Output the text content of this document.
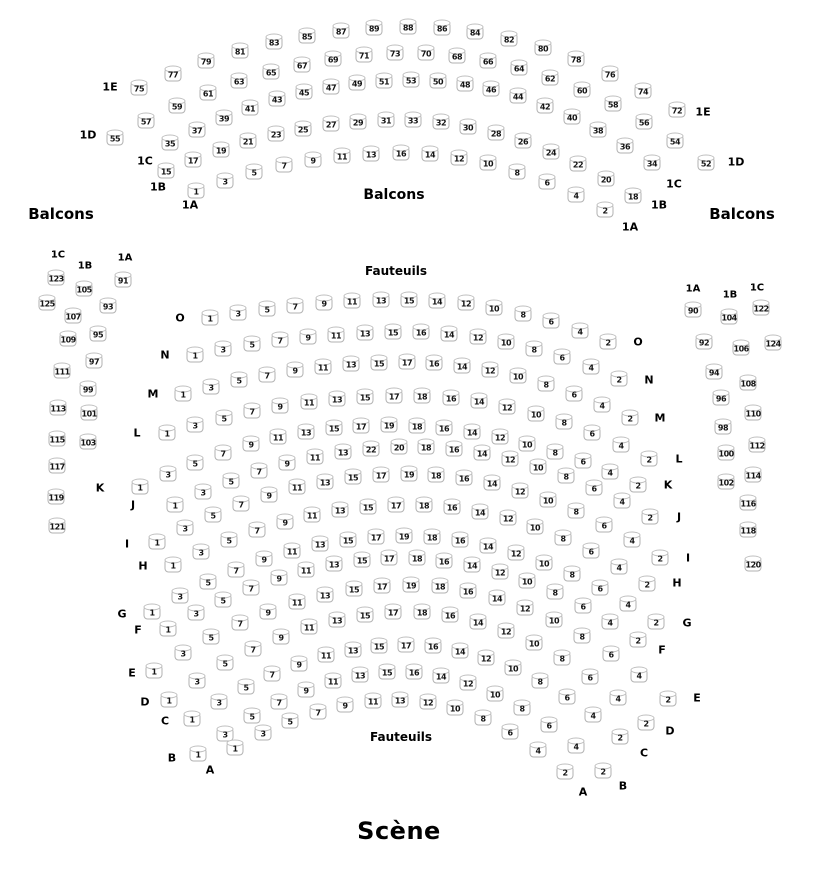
Balcons
Balcons
Balcons
Fauteuils
Fauteuils
Scène
75
77
79
81
83
85
87	89	88	86	84
82
80
78
76
74
72
1E
1E
55
57
59
61
63
65
67
69	71	73	70	68
66
64
62
60
58
56
54
52
1D
1D
35
37
39
41
43
45
47	49	51	53	50	48
46
44
42
40
38
36
34
1C
1C
15
17
19
21
23
25
27	29	31	33	32
30
28
26
24
22
20
18
1B
1B
1
3
5
7
9	11	13	16	14	12
10
8
6
4
2
1A
1A
1
3	5	7	9	11	13	15	14	12
10
8
6
4
2
O
O
1
3
5	7	9	11	13	15	16	14	12
10
8
6
4
2
N
N
1
3
5
7
9	11	13	15	17	16	14	12
10
8
6
4
2
M
M
1
3
5
7
9	11	13	15	17	18	16	14
12
10
8
6
4
2
L
L
1
3
5
7
9
11
13	15	17	19	18	16	14
12
10
8
6
4
2
K	K
1
3
5
7
9
11
13	22	20	18	16	14
12
10
8
6
4
2
J
J
1
3
5
7
9
11
13
15	17	19	18	16
14
12
10
8
6
4
2
I
I
1
3
5
7
9
11
13	15	17	18	16
14
12
10
8
6
4
2
H
H
1
3
5
7
9
11
13	15	17	19	18	16
14
12
10
8
6
4
2
G
G
1
3
5
7
9
11
13	15	17	18	16	14
12
10
8
6
4
2
F
F
1
3
5
7
9
11
13
15	17	19	18
16
14
12
10
8
6
4
2
E
E
1
3
5
7
9
11
13
15	17	18	16
14
12
10
8
6
4
2
D
D
1
3
5
7
9
11
13	15	17	16
14
12
10
8
6
4
2
C
C
1
3
5
7
9
11
13	15	16	14
12
10
8
6
4
2
B
B
1
3
5
7
9	11	13	12
10
8
6
4
2
A
A
1C
1B
1A
123
105
91
125
107
93
109
95
111
97
99
113
101
115 103
117
119
121
1A
1B
1C
90
104
122
92
106
124
94
108
96
110
98
112
100
114
102
116
118
120
